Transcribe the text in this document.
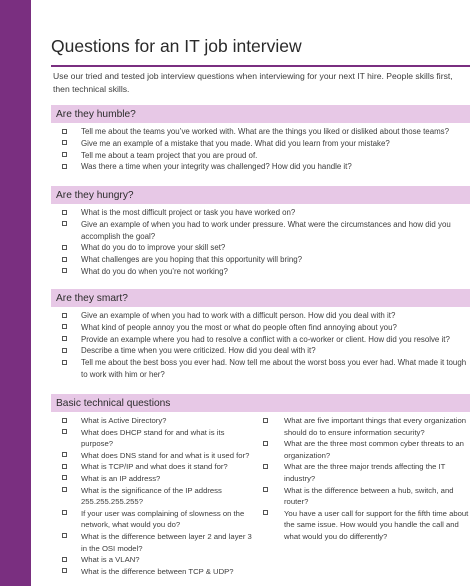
Questions for an IT job interview
Use our tried and tested job interview questions when interviewing for your next IT hire. People skills first, then technical skills.
Are they humble?
Tell me about the teams you’ve worked with. What are the things you liked or disliked about those teams?
Give me an example of a mistake that you made. What did you learn from your mistake?
Tell me about a team project that you are proud of.
Was there a time when your integrity was challenged? How did you handle it?
Are they hungry?
What is the most difficult project or task you have worked on?
Give an example of when you had to work under pressure. What were the circumstances and how did you accomplish the goal?
What do you do to improve your skill set?
What challenges are you hoping that this opportunity will bring?
What do you do when you’re not working?
Are they smart?
Give an example of when you had to work with a difficult person. How did you deal with it?
What kind of people annoy you the most or what do people often find annoying about you?
Provide an example where you had to resolve a conflict with a co-worker or client. How did you resolve it?
Describe a time when you were criticized. How did you deal with it?
Tell me about the best boss you ever had. Now tell me about the worst boss you ever had. What made it tough to work with him or her?
Basic technical questions
What is Active Directory?
What does DHCP stand for and what is its purpose?
What does DNS stand for and what is it used for?
What is TCP/IP and what does it stand for?
What is an IP address?
What is the significance of the IP address 255.255.255.255?
If your user was complaining of slowness on the network, what would you do?
What is the difference between layer 2 and layer 3 in the OSI model?
What is a VLAN?
What is the difference between TCP & UDP?
What are five important things that every organization should do to ensure information security?
What are the three most common cyber threats to an organization?
What are the three major trends affecting the IT industry?
What is the difference between a hub, switch, and router?
You have a user call for support for the fifth time about the same issue. How would you handle the call and what would you do differently?
